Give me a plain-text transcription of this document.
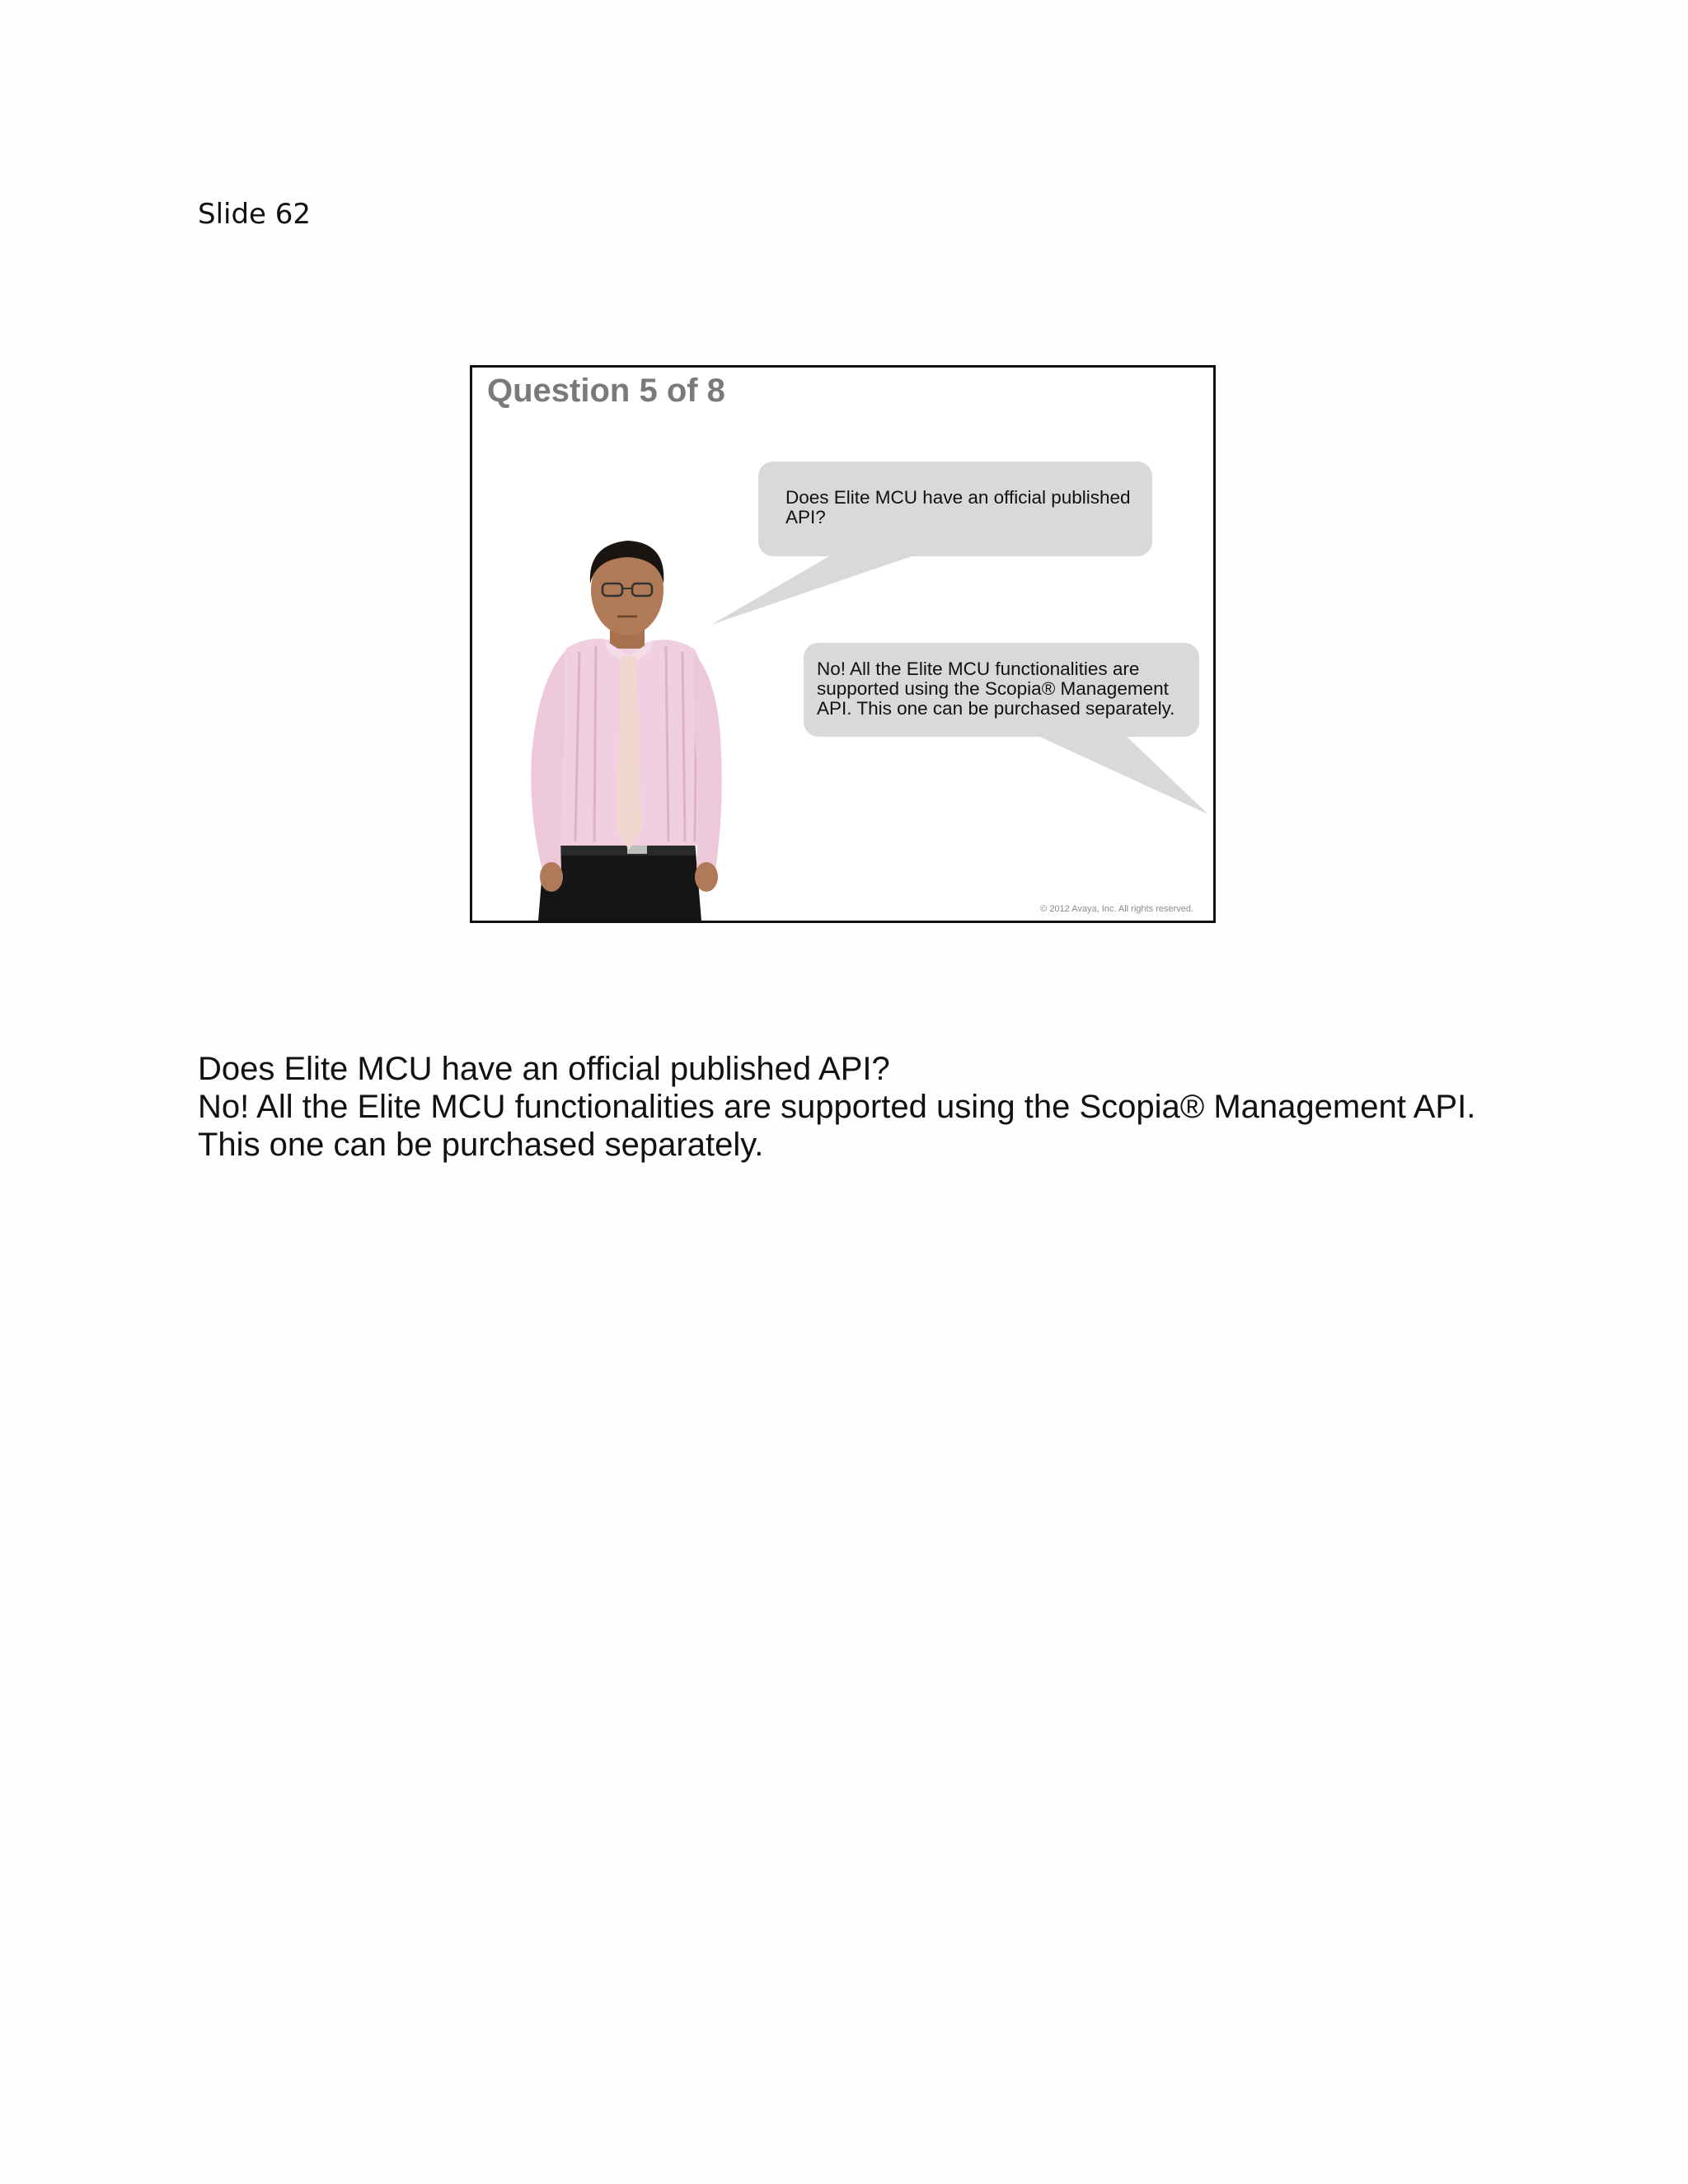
Slide 62
Question 5 of 8
Does Elite MCU have an official published API?
No! All the Elite MCU functionalities are supported using the Scopia® Management API. This one can be purchased separately.
© 2012 Avaya, Inc. All rights reserved.

Does Elite MCU have an official published API?

No! All the Elite MCU functionalities are supported using the Scopia® Management API.

This one can be purchased separately.
